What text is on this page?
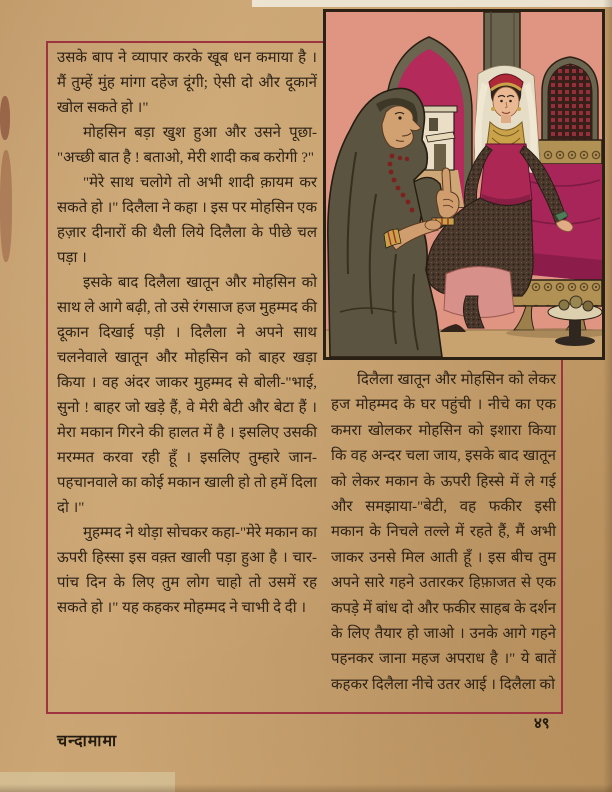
उसके बाप ने व्यापार करके खूब धन कमाया है । मैं तुम्हें मुंह मांगा दहेज दूंगी; ऐसी दो और दूकानें खोल सकते हो ।"

मोहसिन बड़ा खुश हुआ और उसने पूछा-"अच्छी बात है ! बताओ, मेरी शादी कब करोगी ?"

"मेरे साथ चलोगे तो अभी शादी क़ायम कर सकते हो ।" दिलैला ने कहा । इस पर मोहसिन एक हज़ार दीनारों की थैली लिये दिलैला के पीछे चल पड़ा ।

इसके बाद दिलैला खातून और मोहसिन को साथ ले आगे बढ़ी, तो उसे रंगसाज हज मुहम्मद की दूकान दिखाई पड़ी । दिलैला ने अपने साथ चलनेवाले खातून और मोहसिन को बाहर खड़ा किया । वह अंदर जाकर मुहम्मद से बोली-"भाई, सुनो ! बाहर जो खड़े हैं, वे मेरी बेटी और बेटा हैं । मेरा मकान गिरने की हालत में है । इसलिए उसकी मरम्मत करवा रही हूँ । इसलिए तुम्हारे जान-पहचानवाले का कोई मकान खाली हो तो हमें दिला दो ।"

मुहम्मद ने थोड़ा सोचकर कहा-"मेरे मकान का ऊपरी हिस्सा इस वक़्त खाली पड़ा हुआ है । चार-पांच दिन के लिए तुम लोग चाहो तो उसमें रह सकते हो ।" यह कहकर मोहम्मद ने चाभी दे दी ।

दिलैला खातून और मोहसिन को लेकर हज मोहम्मद के घर पहुंची । नीचे का एक कमरा खोलकर मोहसिन को इशारा किया कि वह अन्दर चला जाय, इसके बाद खातून को लेकर मकान के ऊपरी हिस्से में ले गई और समझाया-"बेटी, वह फकीर इसी मकान के निचले तल्ले में रहते हैं, मैं अभी जाकर उनसे मिल आती हूँ । इस बीच तुम अपने सारे गहने उतारकर हिफ़ाजत से एक कपड़े में बांध दो और फकीर साहब के दर्शन के लिए तैयार हो जाओ । उनके आगे गहने पहनकर जाना महज अपराध है ।" ये बातें कहकर दिलैला नीचे उतर आई । दिलैला को

चन्दामामा
४९
